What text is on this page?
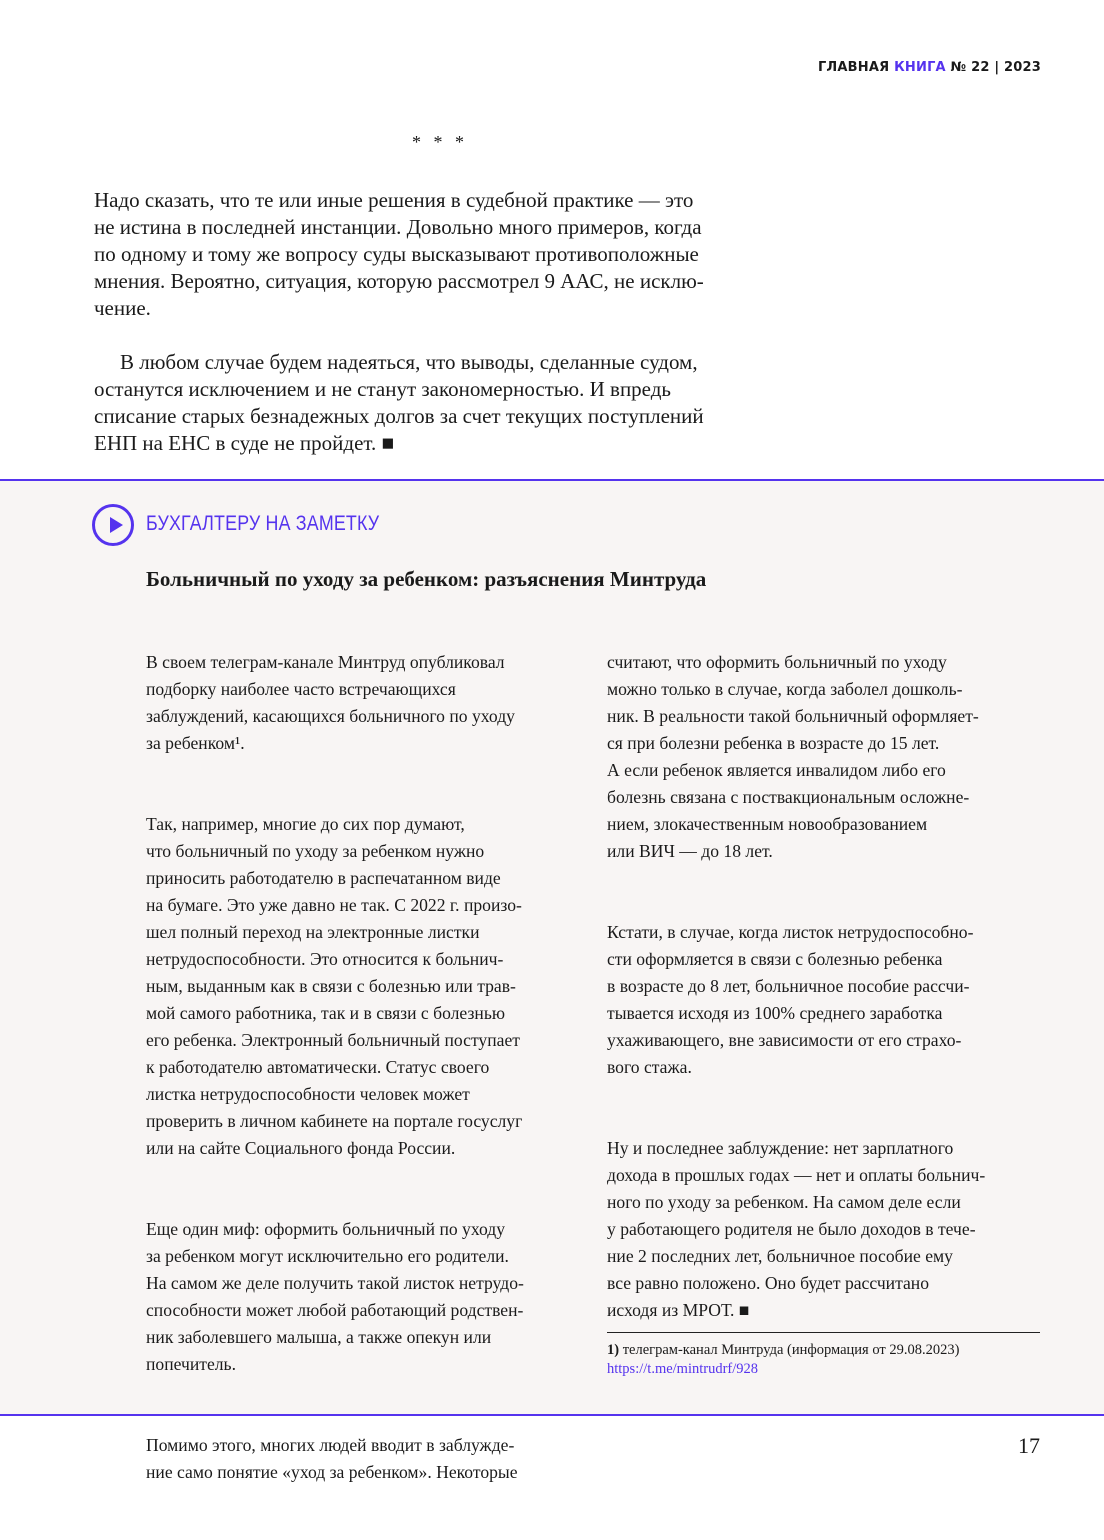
ГЛАВНАЯ КНИГА № 22 | 2023
* * *

Надо сказать, что те или иные решения в судебной практике — это
не истина в последней инстанции. Довольно много примеров, когда
по одному и тому же вопросу суды высказывают противоположные
мнения. Вероятно, ситуация, которую рассмотрел 9 ААС, не исклю-
чение.

В любом случае будем надеяться, что выводы, сделанные судом,
останутся исключением и не станут закономерностью. И впредь
списание старых безнадежных долгов за счет текущих поступлений
ЕНП на ЕНС в суде не пройдет. ■

БУХГАЛТЕРУ НА ЗАМЕТКУ
Больничный по уходу за ребенком: разъяснения Минтруда

В своем телеграм-канале Минтруд опубликовал
подборку наиболее часто встречающихся
заблуждений, касающихся больничного по уходу
за ребенком¹.

Так, например, многие до сих пор думают,
что больничный по уходу за ребенком нужно
приносить работодателю в распечатанном виде
на бумаге. Это уже давно не так. С 2022 г. произо-
шел полный переход на электронные листки
нетрудоспособности. Это относится к больнич-
ным, выданным как в связи с болезнью или трав-
мой самого работника, так и в связи с болезнью
его ребенка. Электронный больничный поступает
к работодателю автоматически. Статус своего
листка нетрудоспособности человек может
проверить в личном кабинете на портале госуслуг
или на сайте Социального фонда России.

Еще один миф: оформить больничный по уходу
за ребенком могут исключительно его родители.
На самом же деле получить такой листок нетрудо-
способности может любой работающий родствен-
ник заболевшего малыша, а также опекун или
попечитель.

Помимо этого, многих людей вводит в заблужде-
ние само понятие «уход за ребенком». Некоторые

считают, что оформить больничный по уходу
можно только в случае, когда заболел дошколь-
ник. В реальности такой больничный оформляет-
ся при болезни ребенка в возрасте до 15 лет.
А если ребенок является инвалидом либо его
болезнь связана с поствакциональным осложне-
нием, злокачественным новообразованием
или ВИЧ — до 18 лет.

Кстати, в случае, когда листок нетрудоспособно-
сти оформляется в связи с болезнью ребенка
в возрасте до 8 лет, больничное пособие рассчи-
тывается исходя из 100% среднего заработка
ухаживающего, вне зависимости от его страхо-
вого стажа.

Ну и последнее заблуждение: нет зарплатного
дохода в прошлых годах — нет и оплаты больнич-
ного по уходу за ребенком. На самом деле если
у работающего родителя не было доходов в тече-
ние 2 последних лет, больничное пособие ему
все равно положено. Оно будет рассчитано
исходя из МРОТ. ■

1) телеграм-канал Минтруда (информация от 29.08.2023)
https://t.me/mintrudrf/928
17
